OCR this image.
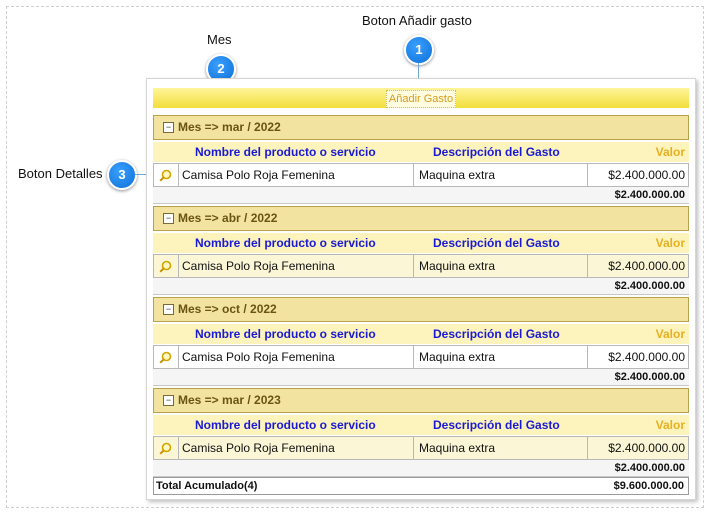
Boton Añadir gasto
1
Mes
2
Boton Detalles	3
Añadir Gasto
− Mes => mar / 2022
Nombre del producto o servicio	Descripción del Gasto	Valor
Camisa Polo Roja Femenina	Maquina extra	$2.400.000.00
$2.400.000.00
− Mes => abr / 2022
Nombre del producto o servicio	Descripción del Gasto	Valor
Camisa Polo Roja Femenina	Maquina extra	$2.400.000.00
$2.400.000.00
− Mes => oct / 2022
Nombre del producto o servicio	Descripción del Gasto	Valor
Camisa Polo Roja Femenina	Maquina extra	$2.400.000.00
$2.400.000.00
− Mes => mar / 2023
Nombre del producto o servicio	Descripción del Gasto	Valor
Camisa Polo Roja Femenina	Maquina extra	$2.400.000.00
$2.400.000.00
Total Acumulado(4)	$9.600.000.00
